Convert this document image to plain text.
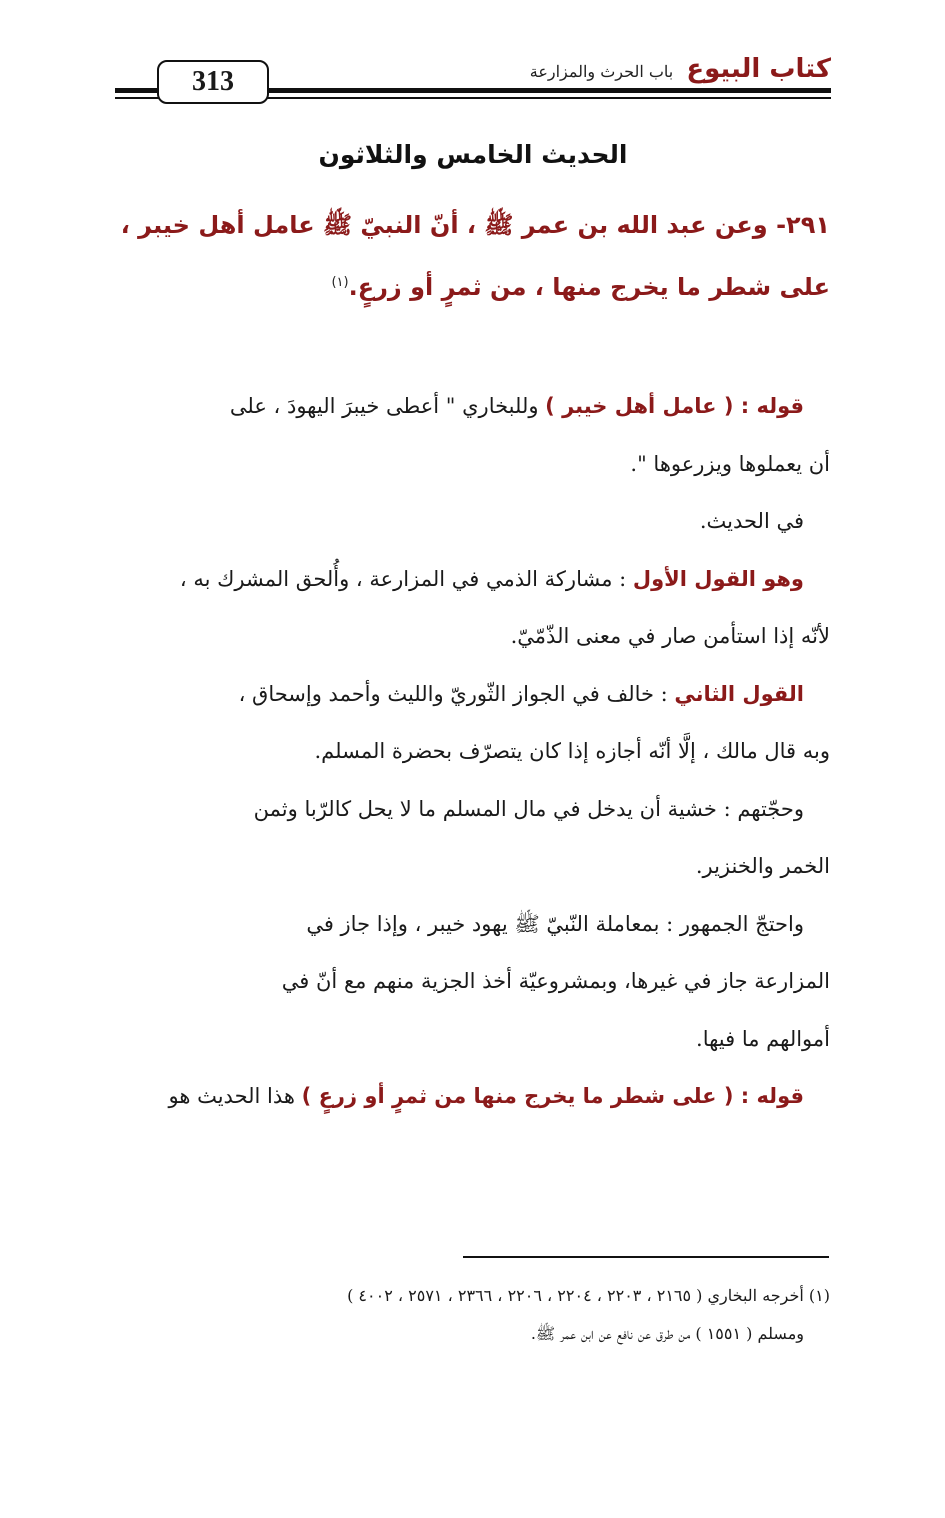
313	كتاب البيوع باب الحرث والمزارعة
الحديث الخامس والثلاثون
٢٩١- وعن عبد الله بن عمر ﷺ ، أنّ النبيّ ﷺ عامل أهل خيبر ،
على شطر ما يخرج منها ، من ثمرٍ أو زرعٍ.$^{(١)}$

قوله : ( عامل أهل خيبر ) وللبخاري " أعطى خيبرَ اليهودَ ، على

أن يعملوها ويزرعوها ".

في الحديث.

وهو القول الأول : مشاركة الذمي في المزارعة ، وأُلحق المشرك به ،

لأنّه إذا استأمن صار في معنى الذّمّيّ.

القول الثاني : خالف في الجواز الثّوريّ والليث وأحمد وإسحاق ،

وبه قال مالك ، إلَّا أنّه أجازه إذا كان يتصرّف بحضرة المسلم.

وحجّتهم : خشية أن يدخل في مال المسلم ما لا يحل كالرّبا وثمن

الخمر والخنزير.

واحتجّ الجمهور : بمعاملة النّبيّ ﷺ يهود خيبر ، وإذا جاز في

المزارعة جاز في غيرها، وبمشروعيّة أخذ الجزية منهم مع أنّ في

أموالهم ما فيها.

قوله : ( على شطر ما يخرج منها من ثمرٍ أو زرعٍ ) هذا الحديث هو

(١) أخرجه البخاري ( ٢١٦٥ ، ٢٢٠٣ ، ٢٢٠٤ ، ٢٢٠٦ ، ٢٣٦٦ ، ٢٥٧١ ، ٤٠٠٢ )

ومسلم ( ١٥٥١ ) من طرق عن نافع عن ابن عمر ﷺ.
